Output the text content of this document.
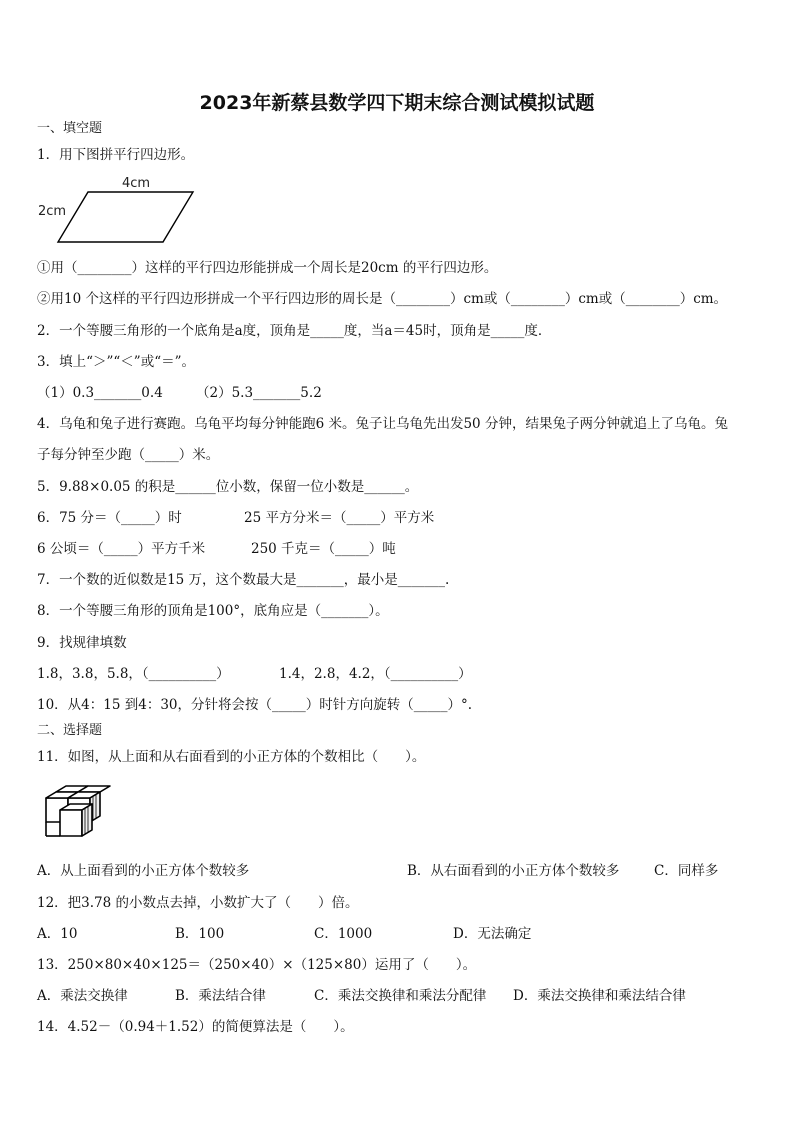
2023年新蔡县数学四下期末综合测试模拟试题
一、填空题
1．用下图拼平行四边形。
4cm
2cm
①用（________）这样的平行四边形能拼成一个周长是20cm 的平行四边形。
②用10 个这样的平行四边形拼成一个平行四边形的周长是（________）cm或（________）cm或（________）cm。
2．一个等腰三角形的一个底角是a度，顶角是_____度，当a＝45时，顶角是_____度．
3．填上“＞”“＜”或“＝”。
（1）0.3_______0.4 （2）5.3_______5.2
4．乌龟和兔子进行赛跑。乌龟平均每分钟能跑6 米。兔子让乌龟先出发50 分钟，结果兔子两分钟就追上了乌龟。兔
子每分钟至少跑（_____）米。
5．9.88×0.05 的积是______位小数，保留一位小数是______。
6．75 分＝（_____）时	25 平方分米＝（_____）平方米
6 公顷＝（_____）平方千米	250 千克＝（_____）吨
7．一个数的近似数是15 万，这个数最大是_______，最小是_______.
8．一个等腰三角形的顶角是100°，底角应是（_______）。
9．找规律填数
1.8，3.8，5.8，（__________）	1.4，2.8，4.2，（__________）
10．从4：15 到4：30，分针将会按（_____）时针方向旋转（_____）°.
二、选择题
11．如图，从上面和从右面看到的小正方体的个数相比（　　）。
A．从上面看到的小正方体个数较多	B．从右面看到的小正方体个数较多	C．同样多
12．把3.78 的小数点去掉，小数扩大了（　　）倍。
A．10	B．100	C．1000	D．无法确定
13．250×80×40×125＝（250×40）×（125×80）运用了（　　）。
A．乘法交换律	B．乘法结合律	C．乘法交换律和乘法分配律 D．乘法交换律和乘法结合律
14．4.52－（0.94＋1.52）的简便算法是（　　）。
